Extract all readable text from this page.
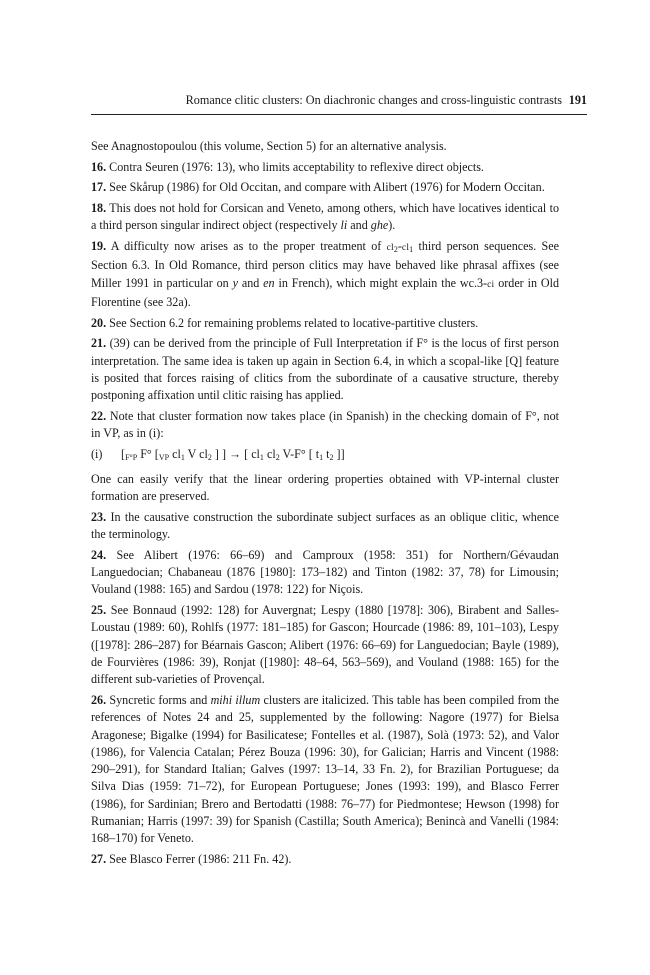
Romance clitic clusters: On diachronic changes and cross-linguistic contrasts 191

See Anagnostopoulou (this volume, Section 5) for an alternative analysis.

16. Contra Seuren (1976: 13), who limits acceptability to reflexive direct objects.

17. See Skårup (1986) for Old Occitan, and compare with Alibert (1976) for Modern Occitan.

18. This does not hold for Corsican and Veneto, among others, which have locatives identical to a third person singular indirect object (respectively li and ghe).

19. A difficulty now arises as to the proper treatment of $cl_2-cl_1$ third person sequences. See Section 6.3. In Old Romance, third person clitics may have behaved like phrasal affixes (see Miller 1991 in particular on y and en in French), which might explain the wc.3-ci order in Old Florentine (see 32a).

20. See Section 6.2 for remaining problems related to locative-partitive clusters.

21. (39) can be derived from the principle of Full Interpretation if F° is the locus of first person interpretation. The same idea is taken up again in Section 6.4, in which a scopal-like [Q] feature is posited that forces raising of clitics from the subordinate of a causative structure, thereby postponing affixation until clitic raising has applied.

22. Note that cluster formation now takes place (in Spanish) in the checking domain of F°, not in VP, as in (i):

(i) [F°P F° [$_{VP}$ $cl_1$ V $cl_2$ ] ] → [ $cl_1$ $cl_2$ V-F° [ $t_1$ $t_2$ ]]

One can easily verify that the linear ordering properties obtained with VP-internal cluster formation are preserved.

23. In the causative construction the subordinate subject surfaces as an oblique clitic, whence the terminology.

24. See Alibert (1976: 66–69) and Camproux (1958: 351) for Northern/Gévaudan Languedocian; Chabaneau (1876 [1980]: 173–182) and Tinton (1982: 37, 78) for Limousin; Vouland (1988: 165) and Sardou (1978: 122) for Niçois.

25. See Bonnaud (1992: 128) for Auvergnat; Lespy (1880 [1978]: 306), Birabent and Salles-Loustau (1989: 60), Rohlfs (1977: 181–185) for Gascon; Hourcade (1986: 89, 101–103), Lespy ([1978]: 286–287) for Béarnais Gascon; Alibert (1976: 66–69) for Languedocian; Bayle (1989), de Fourvières (1986: 39), Ronjat ([1980]: 48–64, 563–569), and Vouland (1988: 165) for the different sub-varieties of Provençal.

26. Syncretic forms and mihi illum clusters are italicized. This table has been compiled from the references of Notes 24 and 25, supplemented by the following: Nagore (1977) for Bielsa Aragonese; Bigalke (1994) for Basilicatese; Fontelles et al. (1987), Solà (1973: 52), and Valor (1986), for Valencia Catalan; Pérez Bouza (1996: 30), for Galician; Harris and Vincent (1988: 290–291), for Standard Italian; Galves (1997: 13–14, 33 Fn. 2), for Brazilian Portuguese; da Silva Dias (1959: 71–72), for European Portuguese; Jones (1993: 199), and Blasco Ferrer (1986), for Sardinian; Brero and Bertodatti (1988: 76–77) for Piedmontese; Hewson (1998) for Rumanian; Harris (1997: 39) for Spanish (Castilla; South America); Benincà and Vanelli (1984: 168–170) for Veneto.

27. See Blasco Ferrer (1986: 211 Fn. 42).
